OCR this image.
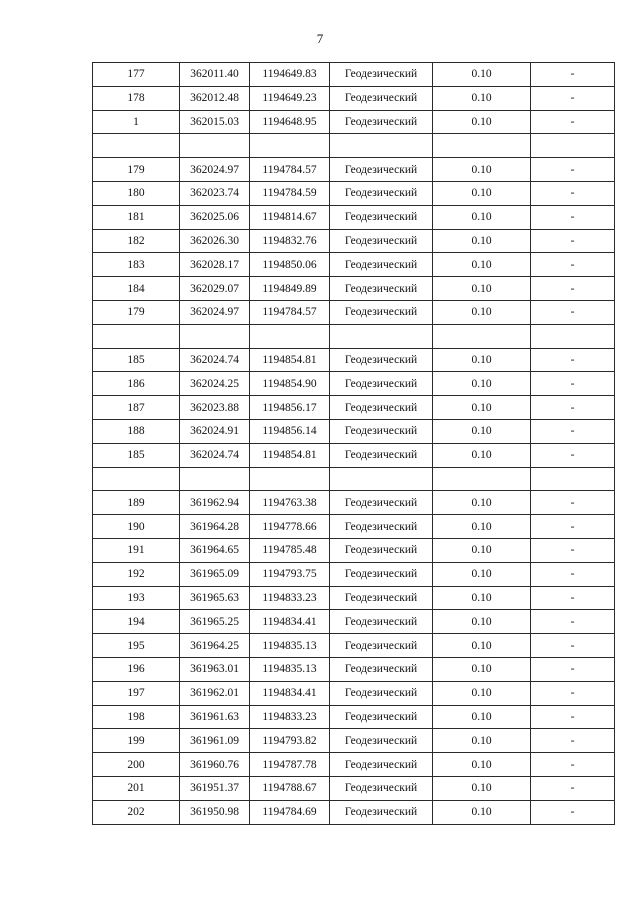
7
177	362011.40	1194649.83	Геодезический	0.10	-
178	362012.48	1194649.23	Геодезический	0.10	-
1	362015.03	1194648.95	Геодезический	0.10	-

179	362024.97	1194784.57	Геодезический	0.10	-
180	362023.74	1194784.59	Геодезический	0.10	-
181	362025.06	1194814.67	Геодезический	0.10	-
182	362026.30	1194832.76	Геодезический	0.10	-
183	362028.17	1194850.06	Геодезический	0.10	-
184	362029.07	1194849.89	Геодезический	0.10	-
179	362024.97	1194784.57	Геодезический	0.10	-

185	362024.74	1194854.81	Геодезический	0.10	-
186	362024.25	1194854.90	Геодезический	0.10	-
187	362023.88	1194856.17	Геодезический	0.10	-
188	362024.91	1194856.14	Геодезический	0.10	-
185	362024.74	1194854.81	Геодезический	0.10	-

189	361962.94	1194763.38	Геодезический	0.10	-
190	361964.28	1194778.66	Геодезический	0.10	-
191	361964.65	1194785.48	Геодезический	0.10	-
192	361965.09	1194793.75	Геодезический	0.10	-
193	361965.63	1194833.23	Геодезический	0.10	-
194	361965.25	1194834.41	Геодезический	0.10	-
195	361964.25	1194835.13	Геодезический	0.10	-
196	361963.01	1194835.13	Геодезический	0.10	-
197	361962.01	1194834.41	Геодезический	0.10	-
198	361961.63	1194833.23	Геодезический	0.10	-
199	361961.09	1194793.82	Геодезический	0.10	-
200	361960.76	1194787.78	Геодезический	0.10	-
201	361951.37	1194788.67	Геодезический	0.10	-
202	361950.98	1194784.69	Геодезический	0.10	-
